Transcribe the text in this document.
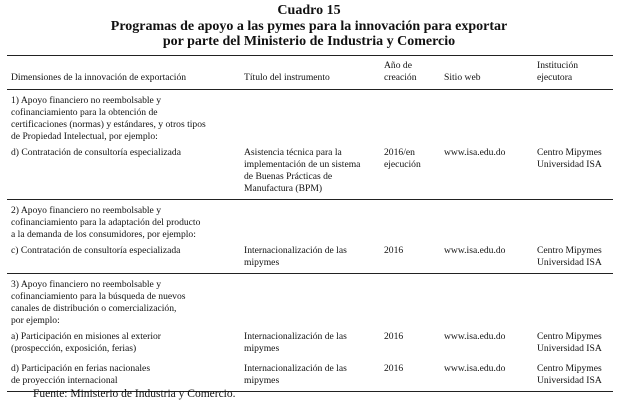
Cuadro 15
Programas de apoyo a las pymes para la innovación para exportar
por parte del Ministerio de Industria y Comercio
Dimensiones de la innovación de exportación	Título del instrumento	Año de
creación	Sitio web	Institución
ejecutora
1) Apoyo financiero no reembolsable y
cofinanciamiento para la obtención de
certificaciones (normas) y estándares, y otros tipos
de Propiedad Intelectual, por ejemplo:				
d) Contratación de consultoría especializada	Asistencia técnica para la
implementación de un sistema
de Buenas Prácticas de
Manufactura (BPM)	2016/en
ejecución	www.isa.edu.do	Centro Mipymes
Universidad ISA
2) Apoyo financiero no reembolsable y
cofinanciamiento para la adaptación del producto
a la demanda de los consumidores, por ejemplo:				
c) Contratación de consultoría especializada	Internacionalización de las
mipymes	2016	www.isa.edu.do	Centro Mipymes
Universidad ISA
3) Apoyo financiero no reembolsable y
cofinanciamiento para la búsqueda de nuevos
canales de distribución o comercialización,
por ejemplo:				
a) Participación en misiones al exterior
(prospección, exposición, ferias)	Internacionalización de las
mipymes	2016	www.isa.edu.do	Centro Mipymes
Universidad ISA
d) Participación en ferias nacionales
de proyección internacional	Internacionalización de las
mipymes	2016	www.isa.edu.do	Centro Mipymes
Universidad ISA
Fuente: Ministerio de Industria y Comercio.
